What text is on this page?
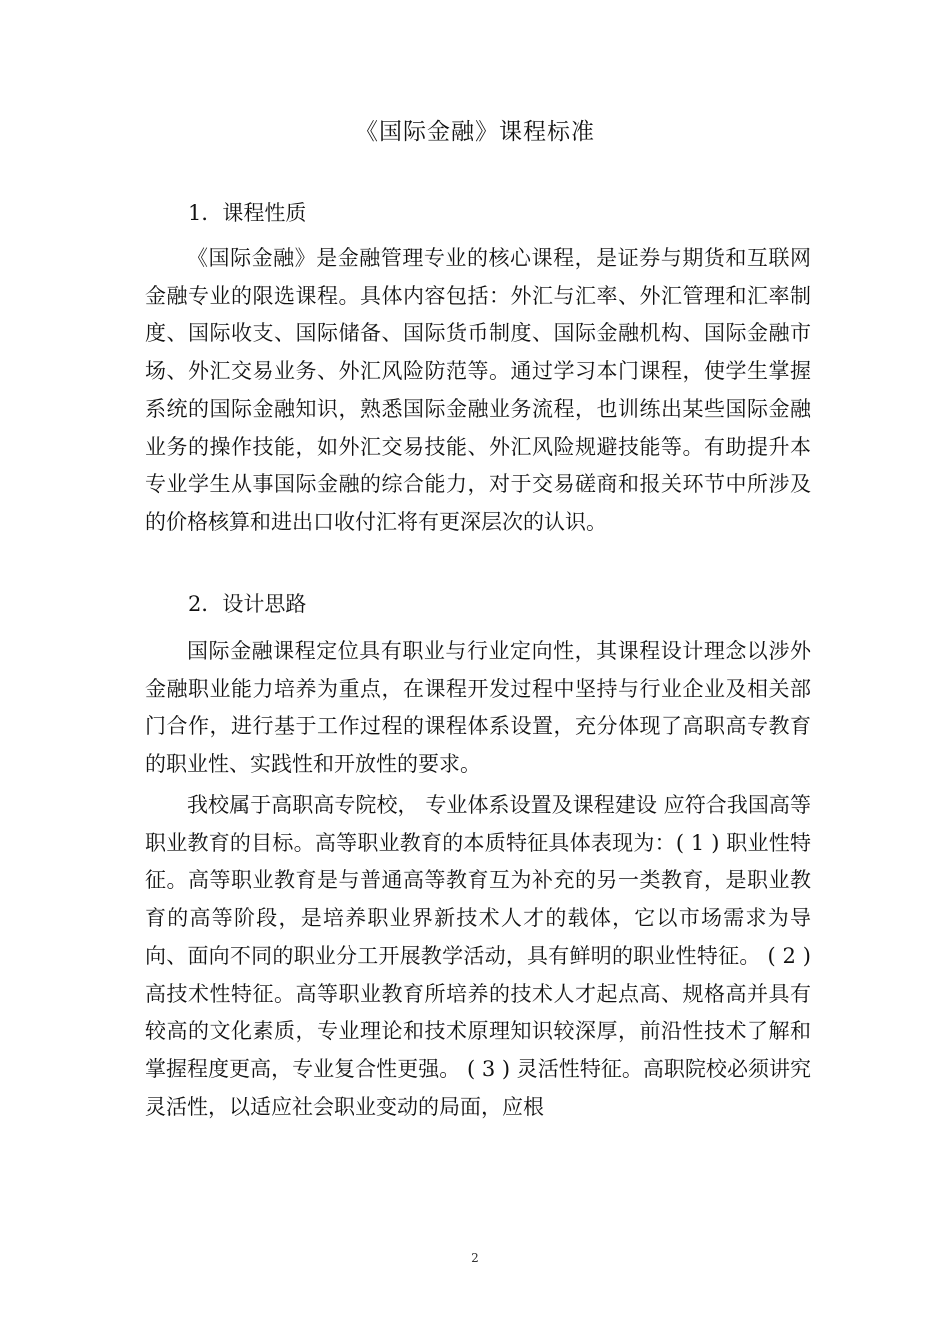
《国际金融》课程标准
1．课程性质
《国际金融》是金融管理专业的核心课程，是证券与期货和互联网金融专业的限选课程。具体内容包括：外汇与汇率、外汇管理和汇率制度、国际收支、国际储备、国际货币制度、国际金融机构、国际金融市场、外汇交易业务、外汇风险防范等。通过学习本门课程，使学生掌握系统的国际金融知识，熟悉国际金融业务流程，也训练出某些国际金融业务的操作技能，如外汇交易技能、外汇风险规避技能等。有助提升本专业学生从事国际金融的综合能力，对于交易磋商和报关环节中所涉及的价格核算和进出口收付汇将有更深层次的认识。
2．设计思路
国际金融课程定位具有职业与行业定向性，其课程设计理念以涉外金融职业能力培养为重点，在课程开发过程中坚持与行业企业及相关部门合作，进行基于工作过程的课程体系设置，充分体现了高职高专教育的职业性、实践性和开放性的要求。
我校属于高职高专院校， 专业体系设置及课程建设 应符合我国高等职业教育的目标。高等职业教育的本质特征具体表现为：( 1 ) 职业性特征。高等职业教育是与普通高等教育互为补充的另一类教育，是职业教育的高等阶段，是培养职业界新技术人才的载体，它以市场需求为导向、面向不同的职业分工开展教学活动，具有鲜明的职业性特征。 ( 2 ) 高技术性特征。高等职业教育所培养的技术人才起点高、规格高并具有较高的文化素质，专业理论和技术原理知识较深厚，前沿性技术了解和掌握程度更高，专业复合性更强。 ( 3 ) 灵活性特征。高职院校必须讲究灵活性，以适应社会职业变动的局面，应根
2
